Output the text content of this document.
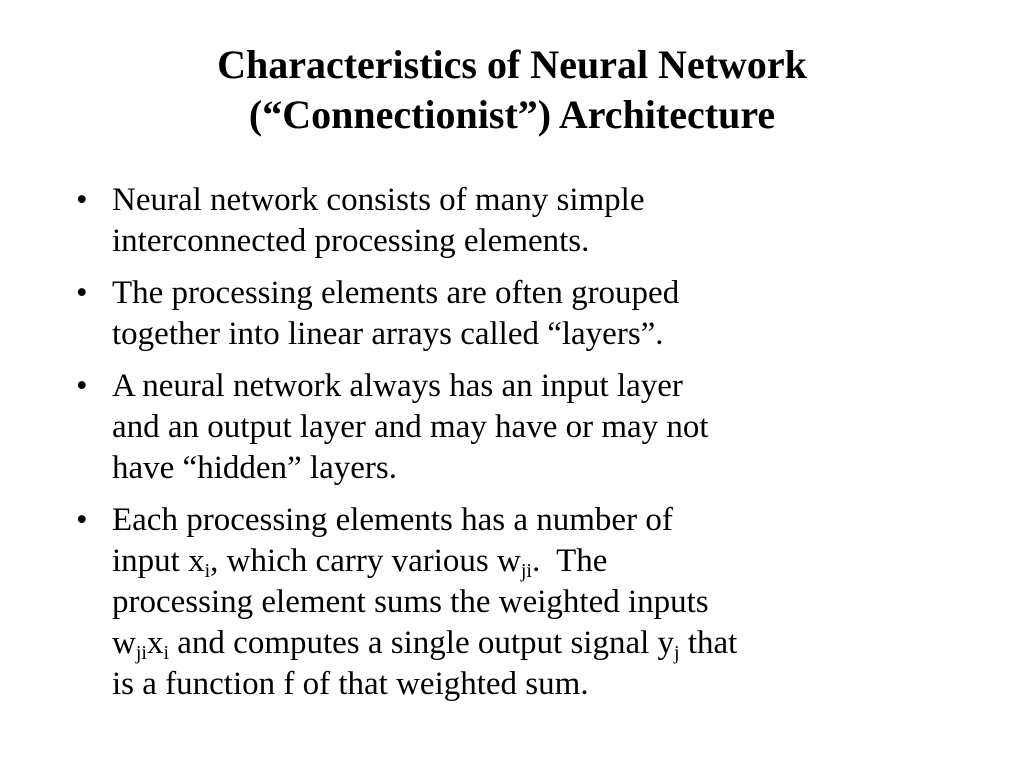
Characteristics of Neural Network
(“Connectionist”) Architecture
• Neural network consists of many simple
interconnected processing elements.
• The processing elements are often grouped
together into linear arrays called “layers”.
• A neural network always has an input layer
and an output layer and may have or may not
have “hidden” layers.
• Each processing elements has a number of
input $x_i$, which carry various $w_{ji}$.  The
processing element sums the weighted inputs
$w_{ji}x_i$ and computes a single output signal $y_j$ that
is a function f of that weighted sum.
